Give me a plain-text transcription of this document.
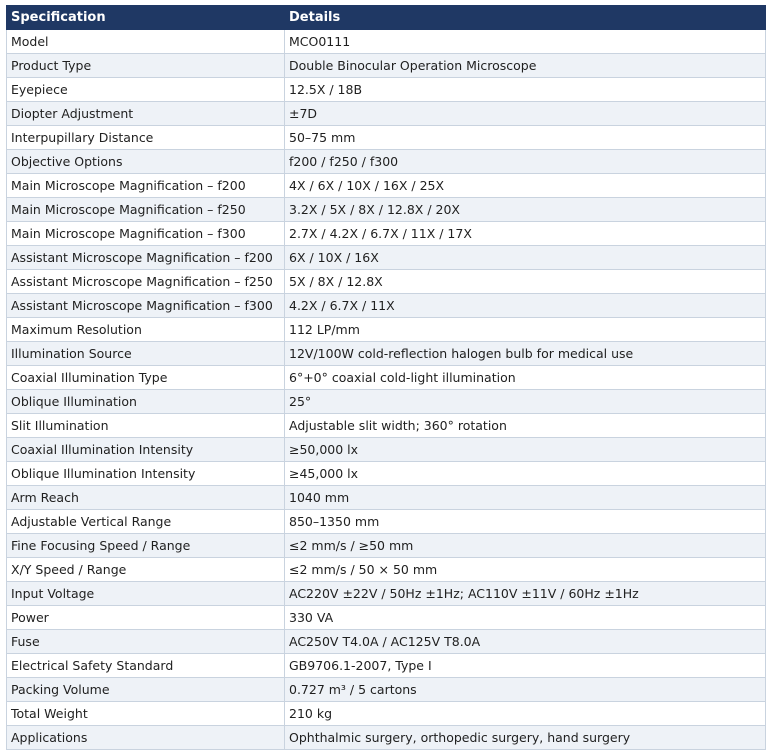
Specification	Details
Model	MCO0111
Product Type	Double Binocular Operation Microscope
Eyepiece	12.5X / 18B
Diopter Adjustment	±7D
Interpupillary Distance	50–75 mm
Objective Options	f200 / f250 / f300
Main Microscope Magnification – f200	4X / 6X / 10X / 16X / 25X
Main Microscope Magnification – f250	3.2X / 5X / 8X / 12.8X / 20X
Main Microscope Magnification – f300	2.7X / 4.2X / 6.7X / 11X / 17X
Assistant Microscope Magnification – f200	6X / 10X / 16X
Assistant Microscope Magnification – f250	5X / 8X / 12.8X
Assistant Microscope Magnification – f300	4.2X / 6.7X / 11X
Maximum Resolution	112 LP/mm
Illumination Source	12V/100W cold-reflection halogen bulb for medical use
Coaxial Illumination Type	6°+0° coaxial cold-light illumination
Oblique Illumination	25°
Slit Illumination	Adjustable slit width; 360° rotation
Coaxial Illumination Intensity	≥50,000 lx
Oblique Illumination Intensity	≥45,000 lx
Arm Reach	1040 mm
Adjustable Vertical Range	850–1350 mm
Fine Focusing Speed / Range	≤2 mm/s / ≥50 mm
X/Y Speed / Range	≤2 mm/s / 50 × 50 mm
Input Voltage	AC220V ±22V / 50Hz ±1Hz; AC110V ±11V / 60Hz ±1Hz
Power	330 VA
Fuse	AC250V T4.0A / AC125V T8.0A
Electrical Safety Standard	GB9706.1-2007, Type I
Packing Volume	0.727 m³ / 5 cartons
Total Weight	210 kg
Applications	Ophthalmic surgery, orthopedic surgery, hand surgery
